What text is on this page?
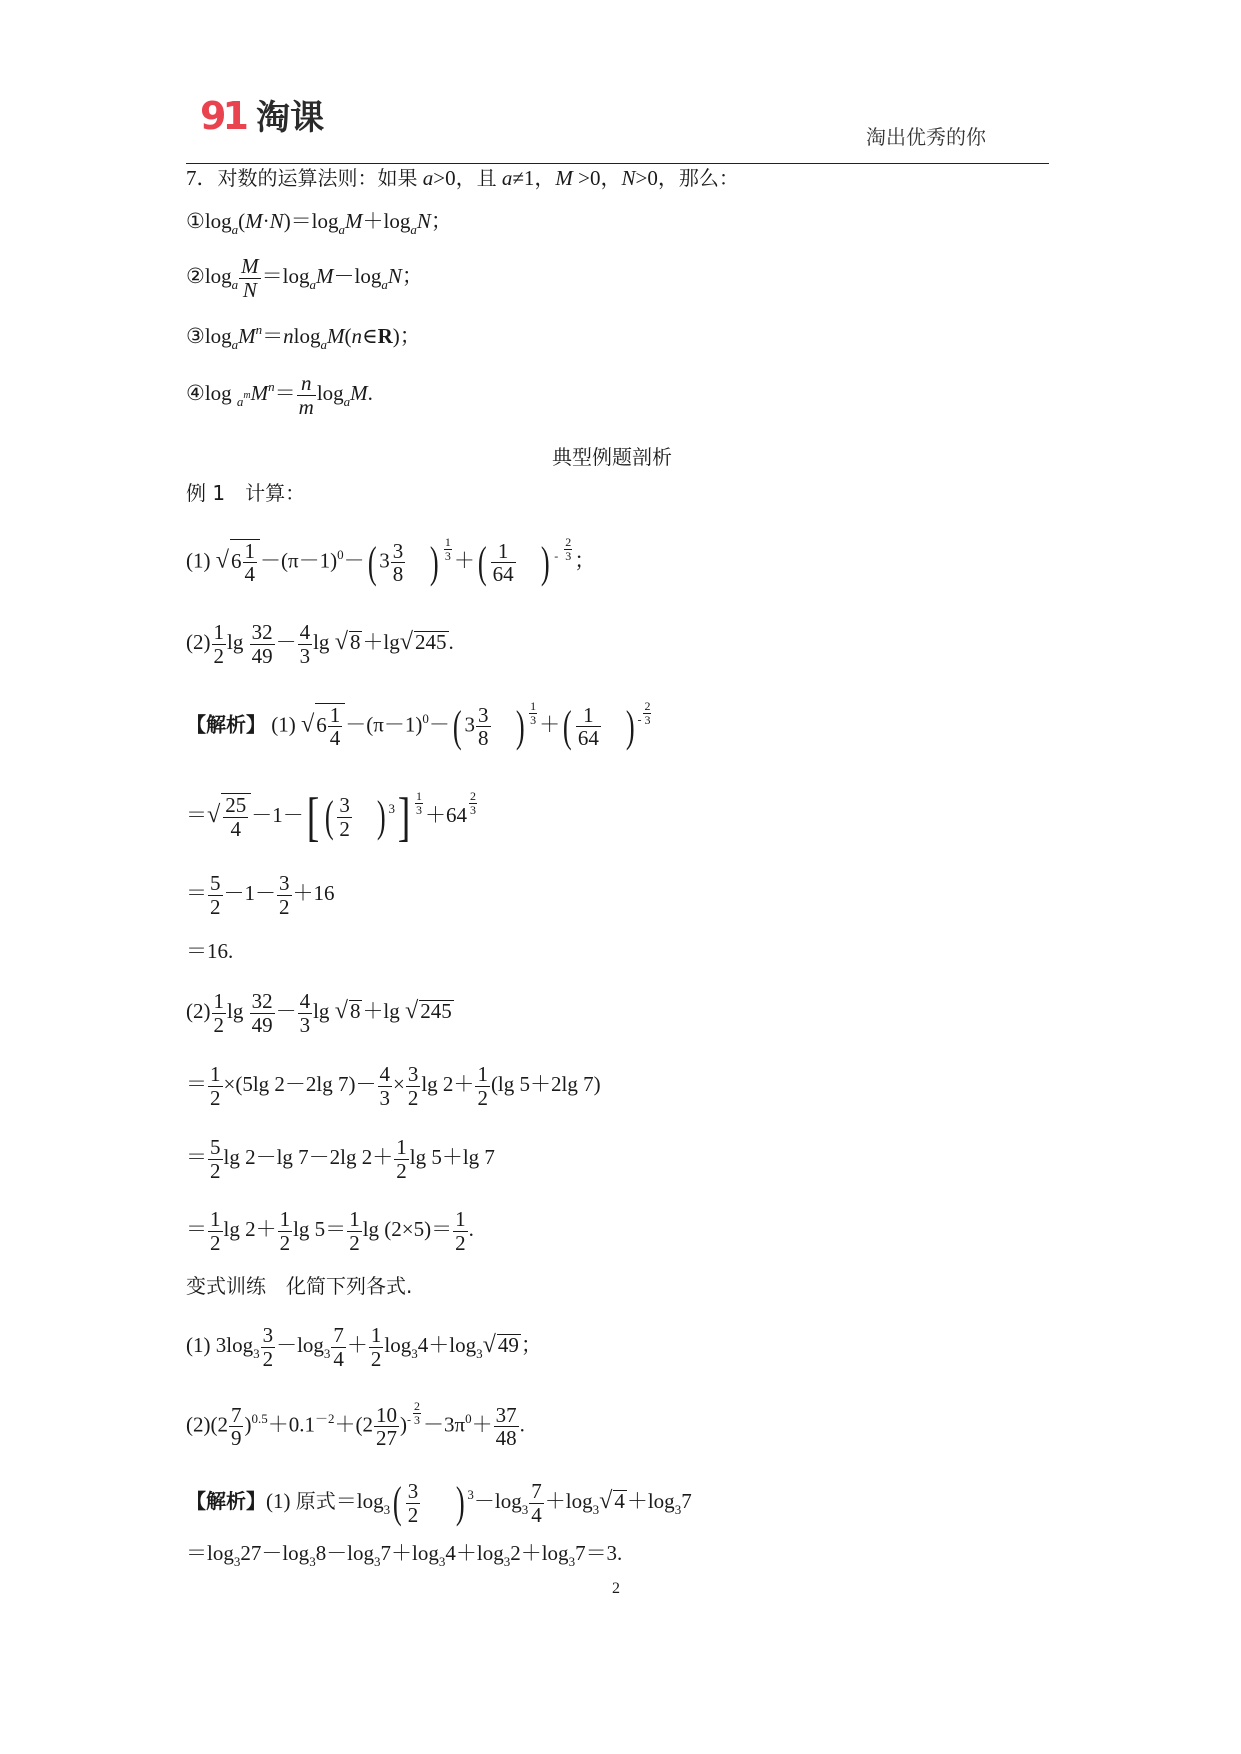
91 淘课	淘出优秀的你
7．对数的运算法则：如果 a>0，且 a≠1，M >0，N>0，那么：
$①\log_a(M\cdot N)=\log_aM+\log_aN$；
$②\log_a \frac{M}{N} =\log_aM-\log_aN$；
$③\log_aM^n=nlog_aM(n\in R)$；
④log $_{a^m}M^n= \frac{n}{m} \log_aM$.
典型例题剖析
例 1　计算：
(1) $√6 \frac{1}{4} -(\pi-1)^0-$( $3 \frac{3}{8}$ ) $\frac{1}{3}$ ＋( $\frac{1}{64}$ ) - $\frac{2}{3}$ ；
$(2) \frac{1}{2}$ $\lg \frac{32}{49} - \frac{4}{3}$ lg √8＋lg√245.
【解析】 (1) $√6 \frac{1}{4} -(\pi-1)^0-$( $3 \frac{3}{8}$ ) $\frac{1}{3}$ ＋( $\frac{1}{64}$ ) $^- \frac{2}{3}$
＝√ $\frac{25}{4} -1-$[ ( $\frac{3}{2}$ ) $^3] \frac{1}{3} +64 \frac{2}{3}$
＝ $\frac{5}{2} -1- \frac{3}{2} +16$
＝16.
$(2) \frac{1}{2}$ $\lg \frac{32}{49} - \frac{4}{3}$ lg √8＋lg √245
＝ $\frac{1}{2} \times(5\lg$ 2－2lg $7)- \frac{4}{3} \times \frac{3}{2}$ $\lg 2+ \frac{1}{2} (\lg$ 5＋2lg 7)
＝ $\frac{5}{2}$ lg 2－lg 7－2lg $2+ \frac{1}{2}$ lg 5＋lg 7
＝ $\frac{1}{2}$ $\lg 2+ \frac{1}{2}$ $\lg 5= \frac{1}{2}$ $\lg (2\times 5)= \frac{1}{2}$ .
变式训练　化简下列各式.
(1) $3\log_3 \frac{3}{2} -\log_3 \frac{7}{4} + \frac{1}{2} \log_34+\log_3√49$；
$(2)(2 \frac{7}{9} )^{0.5}+0.1^{-2}+(2 \frac{10}{27} )^- \frac{2}{3} -3\pi^0+ \frac{37}{48}$ .
【解析】(1) 原式$=\log_3( \frac{3}{2}$ ) $^3-\log_3 \frac{7}{4} +\log_3√4+\log_37$
$=\log_327-\log_38-\log_37+\log_34+\log_32+\log_37=3$.
2
